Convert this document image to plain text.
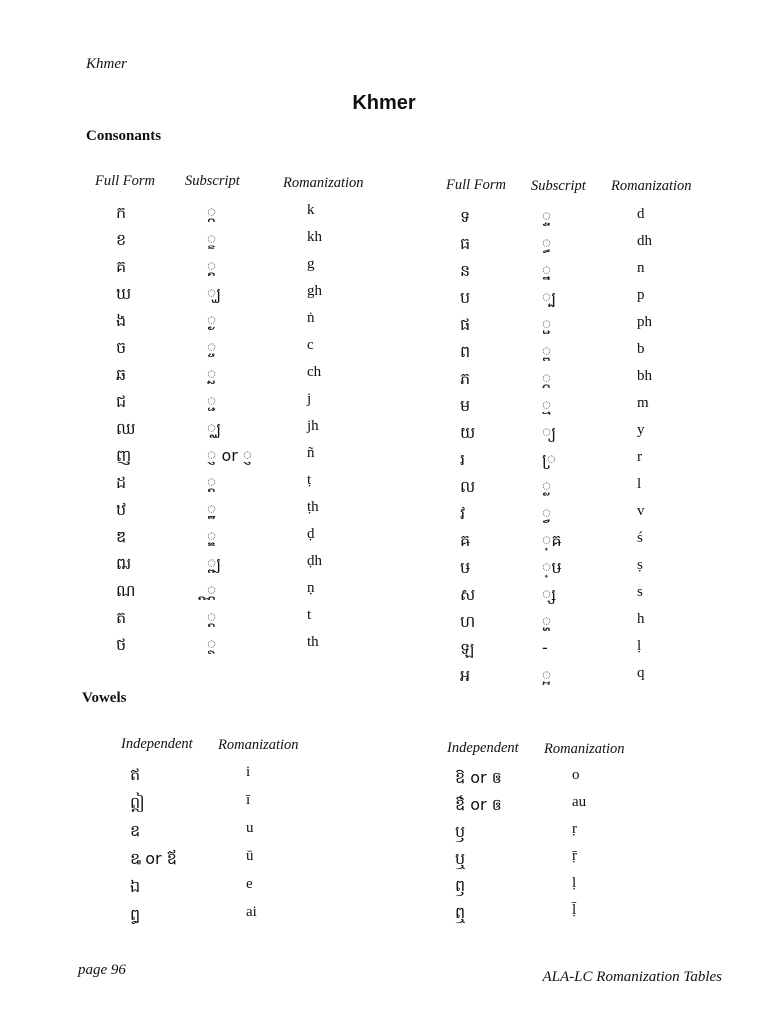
Khmer
Khmer
Consonants
Full Form Subscript	Romanization	Full Form Subscript Romanization
ក	្ក	k
ខ	្ខ	kh
គ	្គ	g
ឃ	្ឃ	gh
ង	្ង	ṅ
ច	្ច	c
ឆ	្ឆ	ch
ជ	្ជ	j
ឈ	្ឈ	jh
ញ	្ញ or ្ញ	ñ
ដ	្ដ	ṭ
ឋ	្ឋ	ṭh
ឌ	្ឌ	ḍ
ឍ	្ឍ	ḍh
ណ	្ណ	ṇ
ត	្ត	t
ថ	្ថ	th
ទ	្ទ	d
ធ	្ធ	dh
ន	្ន	n
ប	្ប	p
ផ	្ផ	ph
ព	្ព	b
ភ	្ភ	bh
ម	្ម	m
យ	្យ	y
រ	្រ	r
ល	្ល	l
វ	្វ	v
ឝ	្ឝ	ś
ឞ	្ឞ	ṣ
ស	្ស	s
ហ	្ហ	h
ឡ	-	ḷ
អ	្អ	q
Vowels
Independent Romanization	Independent Romanization
ឥ	i
ឦ	ī
ឧ	u
ឩ or ឪ	ū
ឯ	e
ឰ	ai
ឱ or ឲ	o
ឳ or ឲ	au
ឫ	ṛ
ឬ	ṝ
ឭ	ḷ
ឮ	ḹ
page 96	ALA-LC Romanization Tables
